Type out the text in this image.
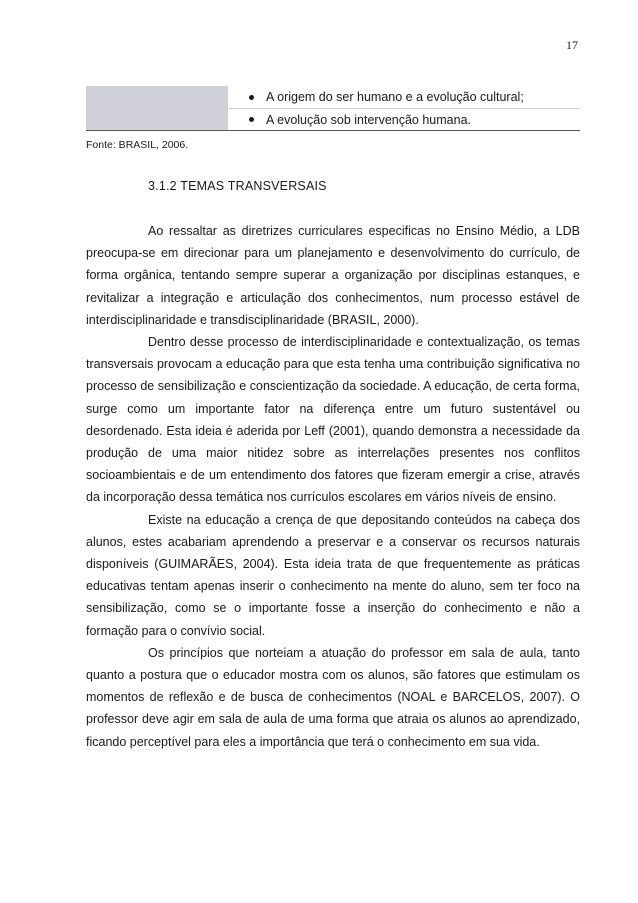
17
A origem do ser humano e a evolução cultural;
A evolução sob intervenção humana.
Fonte: BRASIL, 2006.
3.1.2 TEMAS TRANSVERSAIS

Ao ressaltar as diretrizes curriculares especificas no Ensino Médio, a LDB preocupa-se em direcionar para um planejamento e desenvolvimento do currículo, de forma orgânica, tentando sempre superar a organização por disciplinas estanques, e revitalizar a integração e articulação dos conhecimentos, num processo estável de interdisciplinaridade e transdisciplinaridade (BRASIL, 2000).

Dentro desse processo de interdisciplinaridade e contextualização, os temas transversais provocam a educação para que esta tenha uma contribuição significativa no processo de sensibilização e conscientização da sociedade. A educação, de certa forma, surge como um importante fator na diferença entre um futuro sustentável ou desordenado. Esta ideia é aderida por Leff (2001), quando demonstra a necessidade da produção de uma maior nitidez sobre as interrelações presentes nos conflitos socioambientais e de um entendimento dos fatores que fizeram emergir a crise, através da incorporação dessa temática nos currículos escolares em vários níveis de ensino.

Existe na educação a crença de que depositando conteúdos na cabeça dos alunos, estes acabariam aprendendo a preservar e a conservar os recursos naturais disponíveis (GUIMARÃES, 2004). Esta ideia trata de que frequentemente as práticas educativas tentam apenas inserir o conhecimento na mente do aluno, sem ter foco na sensibilização, como se o importante fosse a inserção do conhecimento e não a formação para o convívio social.

Os princípios que norteiam a atuação do professor em sala de aula, tanto quanto a postura que o educador mostra com os alunos, são fatores que estimulam os momentos de reflexão e de busca de conhecimentos (NOAL e BARCELOS, 2007). O professor deve agir em sala de aula de uma forma que atraia os alunos ao aprendizado, ficando perceptível para eles a importância que terá o conhecimento em sua vida.
